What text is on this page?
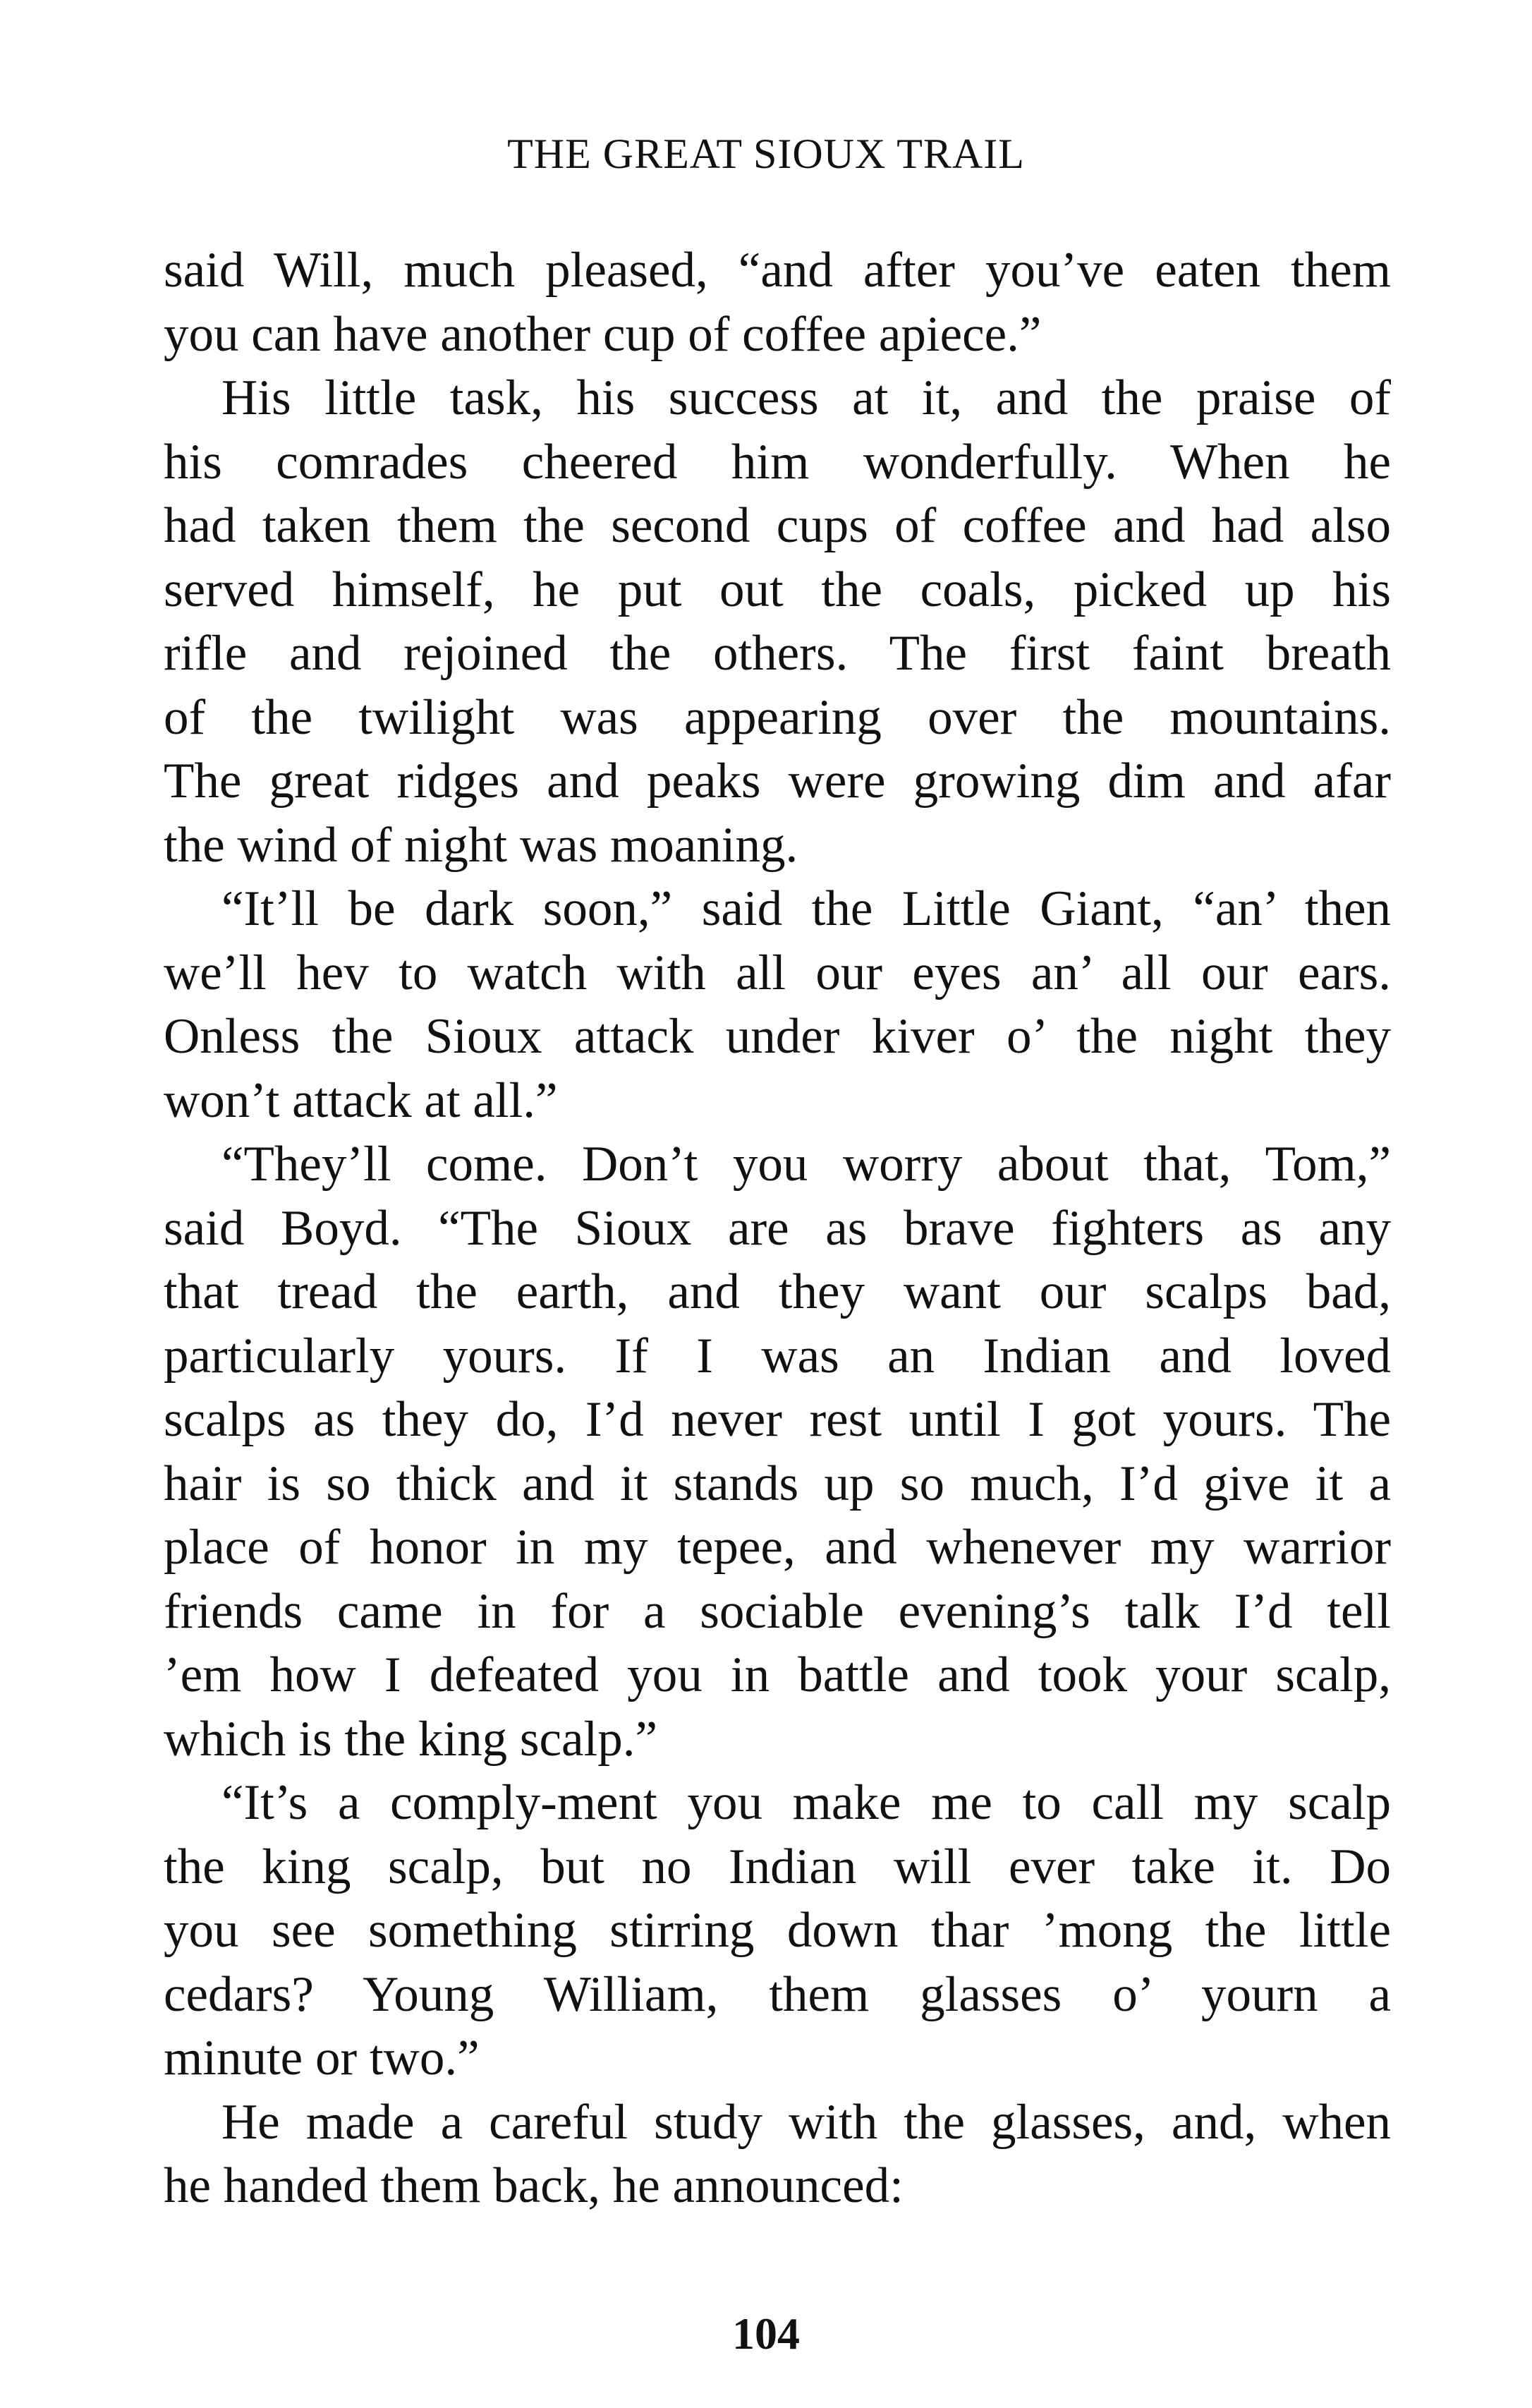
THE GREAT SIOUX TRAIL
said Will, much pleased, “and after you’ve eaten them
you can have another cup of coffee apiece.”
His little task, his success at it, and the praise of
his comrades cheered him wonderfully. When he
had taken them the second cups of coffee and had also
served himself, he put out the coals, picked up his
rifle and rejoined the others. The first faint breath
of the twilight was appearing over the mountains.
The great ridges and peaks were growing dim and afar
the wind of night was moaning.
“It’ll be dark soon,” said the Little Giant, “an’ then
we’ll hev to watch with all our eyes an’ all our ears.
Onless the Sioux attack under kiver o’ the night they
won’t attack at all.”
“They’ll come. Don’t you worry about that, Tom,”
said Boyd. “The Sioux are as brave fighters as any
that tread the earth, and they want our scalps bad,
particularly yours. If I was an Indian and loved
scalps as they do, I’d never rest until I got yours. The
hair is so thick and it stands up so much, I’d give it a
place of honor in my tepee, and whenever my warrior
friends came in for a sociable evening’s talk I’d tell
’em how I defeated you in battle and took your scalp,
which is the king scalp.”
“It’s a comply-ment you make me to call my scalp
the king scalp, but no Indian will ever take it. Do
you see something stirring down thar ’mong the little
cedars? Young William, them glasses o’ yourn a
minute or two.”
He made a careful study with the glasses, and, when
he handed them back, he announced:
104
